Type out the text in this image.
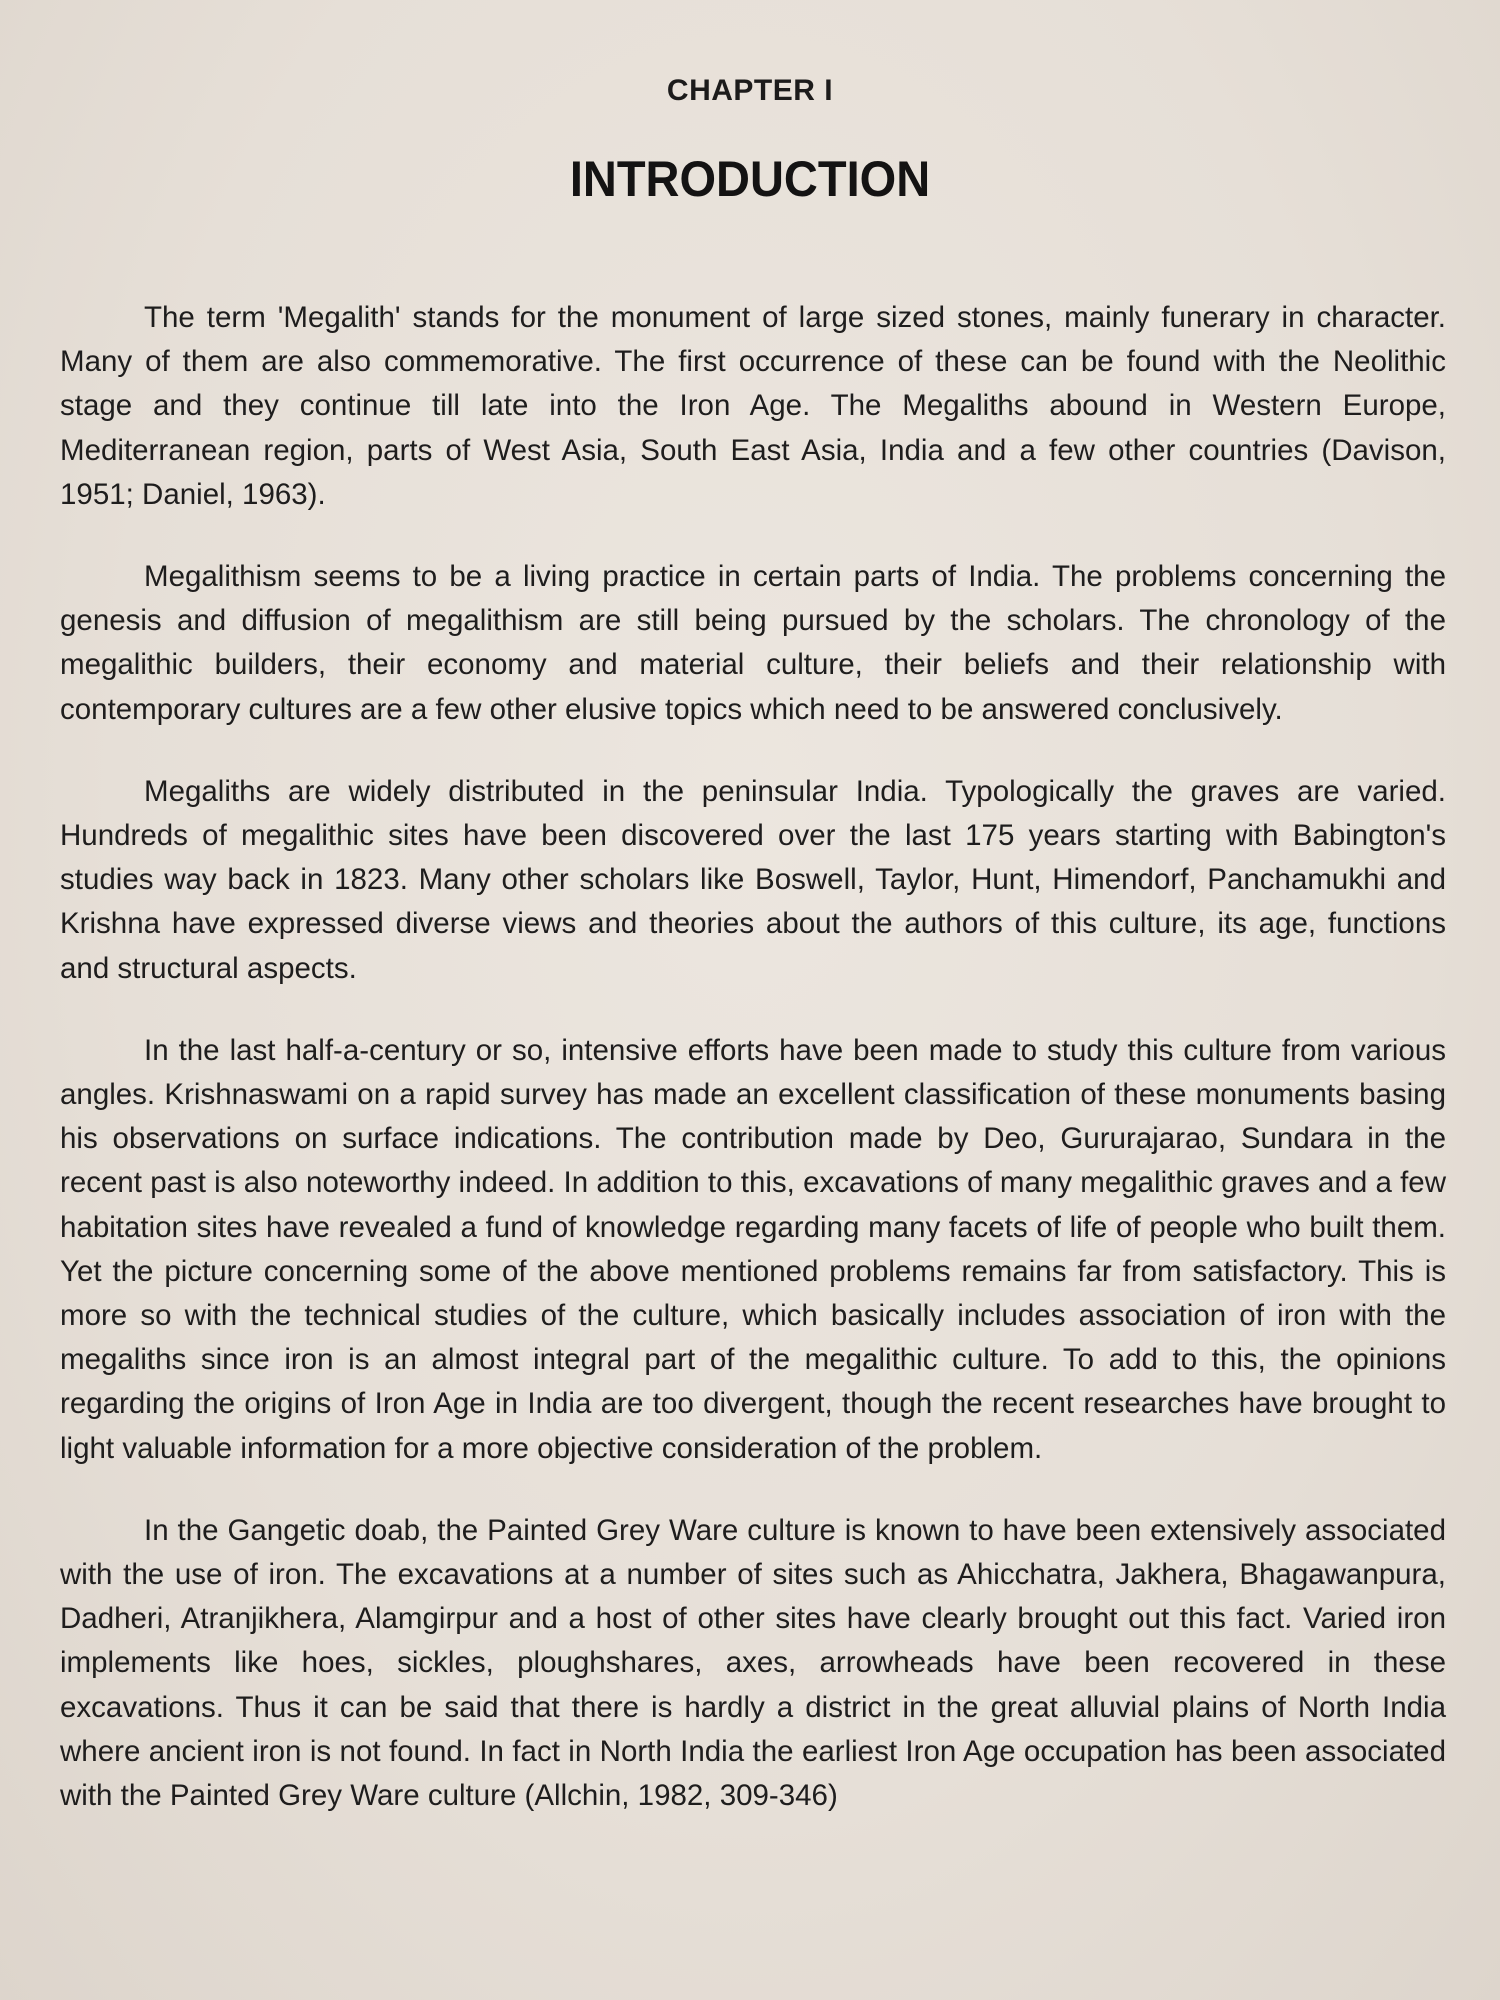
CHAPTER I
INTRODUCTION

The term 'Megalith' stands for the monument of large sized stones, mainly funerary in character. Many of them are also commemorative. The first occurrence of these can be found with the Neolithic stage and they continue till late into the Iron Age. The Megaliths abound in Western Europe, Mediterranean region, parts of West Asia, South East Asia, India and a few other countries (Davison, 1951; Daniel, 1963).

Megalithism seems to be a living practice in certain parts of India. The problems concerning the genesis and diffusion of megalithism are still being pursued by the scholars. The chronology of the megalithic builders, their economy and material culture, their beliefs and their relationship with contemporary cultures are a few other elusive topics which need to be answered conclusively.

Megaliths are widely distributed in the peninsular India. Typologically the graves are varied. Hundreds of megalithic sites have been discovered over the last 175 years starting with Babington's studies way back in 1823. Many other scholars like Boswell, Taylor, Hunt, Himendorf, Panchamukhi and Krishna have expressed diverse views and theories about the authors of this culture, its age, functions and structural aspects.

In the last half-a-century or so, intensive efforts have been made to study this culture from various angles. Krishnaswami on a rapid survey has made an excellent classification of these monuments basing his observations on surface indications. The contribution made by Deo, Gururajarao, Sundara in the recent past is also noteworthy indeed. In addition to this, excavations of many megalithic graves and a few habitation sites have revealed a fund of knowledge regarding many facets of life of people who built them. Yet the picture concerning some of the above mentioned problems remains far from satisfactory. This is more so with the technical studies of the culture, which basically includes association of iron with the megaliths since iron is an almost integral part of the megalithic culture. To add to this, the opinions regarding the origins of Iron Age in India are too divergent, though the recent researches have brought to light valuable information for a more objective consideration of the problem.

In the Gangetic doab, the Painted Grey Ware culture is known to have been extensively associated with the use of iron. The excavations at a number of sites such as Ahicchatra, Jakhera, Bhagawanpura, Dadheri, Atranjikhera, Alamgirpur and a host of other sites have clearly brought out this fact. Varied iron implements like hoes, sickles, ploughshares, axes, arrowheads have been recovered in these excavations. Thus it can be said that there is hardly a district in the great alluvial plains of North India where ancient iron is not found. In fact in North India the earliest Iron Age occupation has been associated with the Painted Grey Ware culture (Allchin, 1982, 309-346)
